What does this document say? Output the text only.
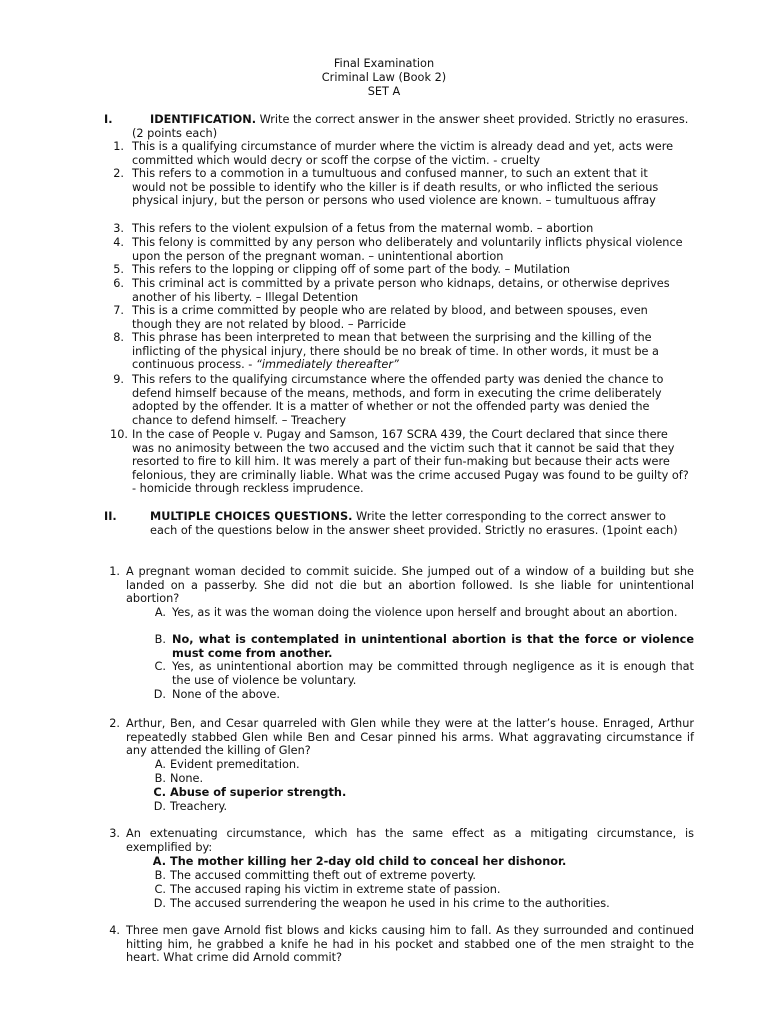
Final Examination
Criminal Law (Book 2)
SET A
I.	IDENTIFICATION. Write the correct answer in the answer sheet provided. Strictly no erasures. (2 points each)
1. This is a qualifying circumstance of murder where the victim is already dead and yet, acts were committed which would decry or scoff the corpse of the victim. - cruelty
2. This refers to a commotion in a tumultuous and confused manner, to such an extent that it would not be possible to identify who the killer is if death results, or who inflicted the serious physical injury, but the person or persons who used violence are known. – tumultuous affray
3. This refers to the violent expulsion of a fetus from the maternal womb. – abortion
4. This felony is committed by any person who deliberately and voluntarily inflicts physical violence upon the person of the pregnant woman. – unintentional abortion
5. This refers to the lopping or clipping off of some part of the body. – Mutilation
6. This criminal act is committed by a private person who kidnaps, detains, or otherwise deprives another of his liberty. – Illegal Detention
7. This is a crime committed by people who are related by blood, and between spouses, even though they are not related by blood. – Parricide
8. This phrase has been interpreted to mean that between the surprising and the killing of the inflicting of the physical injury, there should be no break of time. In other words, it must be a continuous process. - “immediately thereafter”
9. This refers to the qualifying circumstance where the offended party was denied the chance to defend himself because of the means, methods, and form in executing the crime deliberately adopted by the offender. It is a matter of whether or not the offended party was denied the chance to defend himself. – Treachery
10. In the case of People v. Pugay and Samson, 167 SCRA 439, the Court declared that since there was no animosity between the two accused and the victim such that it cannot be said that they resorted to fire to kill him. It was merely a part of their fun-making but because their acts were felonious, they are criminally liable. What was the crime accused Pugay was found to be guilty of? - homicide through reckless imprudence.
II.	MULTIPLE CHOICES QUESTIONS. Write the letter corresponding to the correct answer to each of the questions below in the answer sheet provided. Strictly no erasures. (1point each)
1. A pregnant woman decided to commit suicide. She jumped out of a window of a building but she landed on a passerby. She did not die but an abortion followed. Is she liable for unintentional abortion?
A. Yes, as it was the woman doing the violence upon herself and brought about an abortion.
B. No, what is contemplated in unintentional abortion is that the force or violence must come from another.
C. Yes, as unintentional abortion may be committed through negligence as it is enough that the use of violence be voluntary.
D. None of the above.
2. Arthur, Ben, and Cesar quarreled with Glen while they were at the latter’s house. Enraged, Arthur repeatedly stabbed Glen while Ben and Cesar pinned his arms. What aggravating circumstance if any attended the killing of Glen?
A. Evident premeditation.
B. None.
C. Abuse of superior strength.
D. Treachery.
3. An extenuating circumstance, which has the same effect as a mitigating circumstance, is exemplified by:
A. The mother killing her 2-day old child to conceal her dishonor.
B. The accused committing theft out of extreme poverty.
C. The accused raping his victim in extreme state of passion.
D. The accused surrendering the weapon he used in his crime to the authorities.
4. Three men gave Arnold fist blows and kicks causing him to fall. As they surrounded and continued hitting him, he grabbed a knife he had in his pocket and stabbed one of the men straight to the heart. What crime did Arnold commit?
